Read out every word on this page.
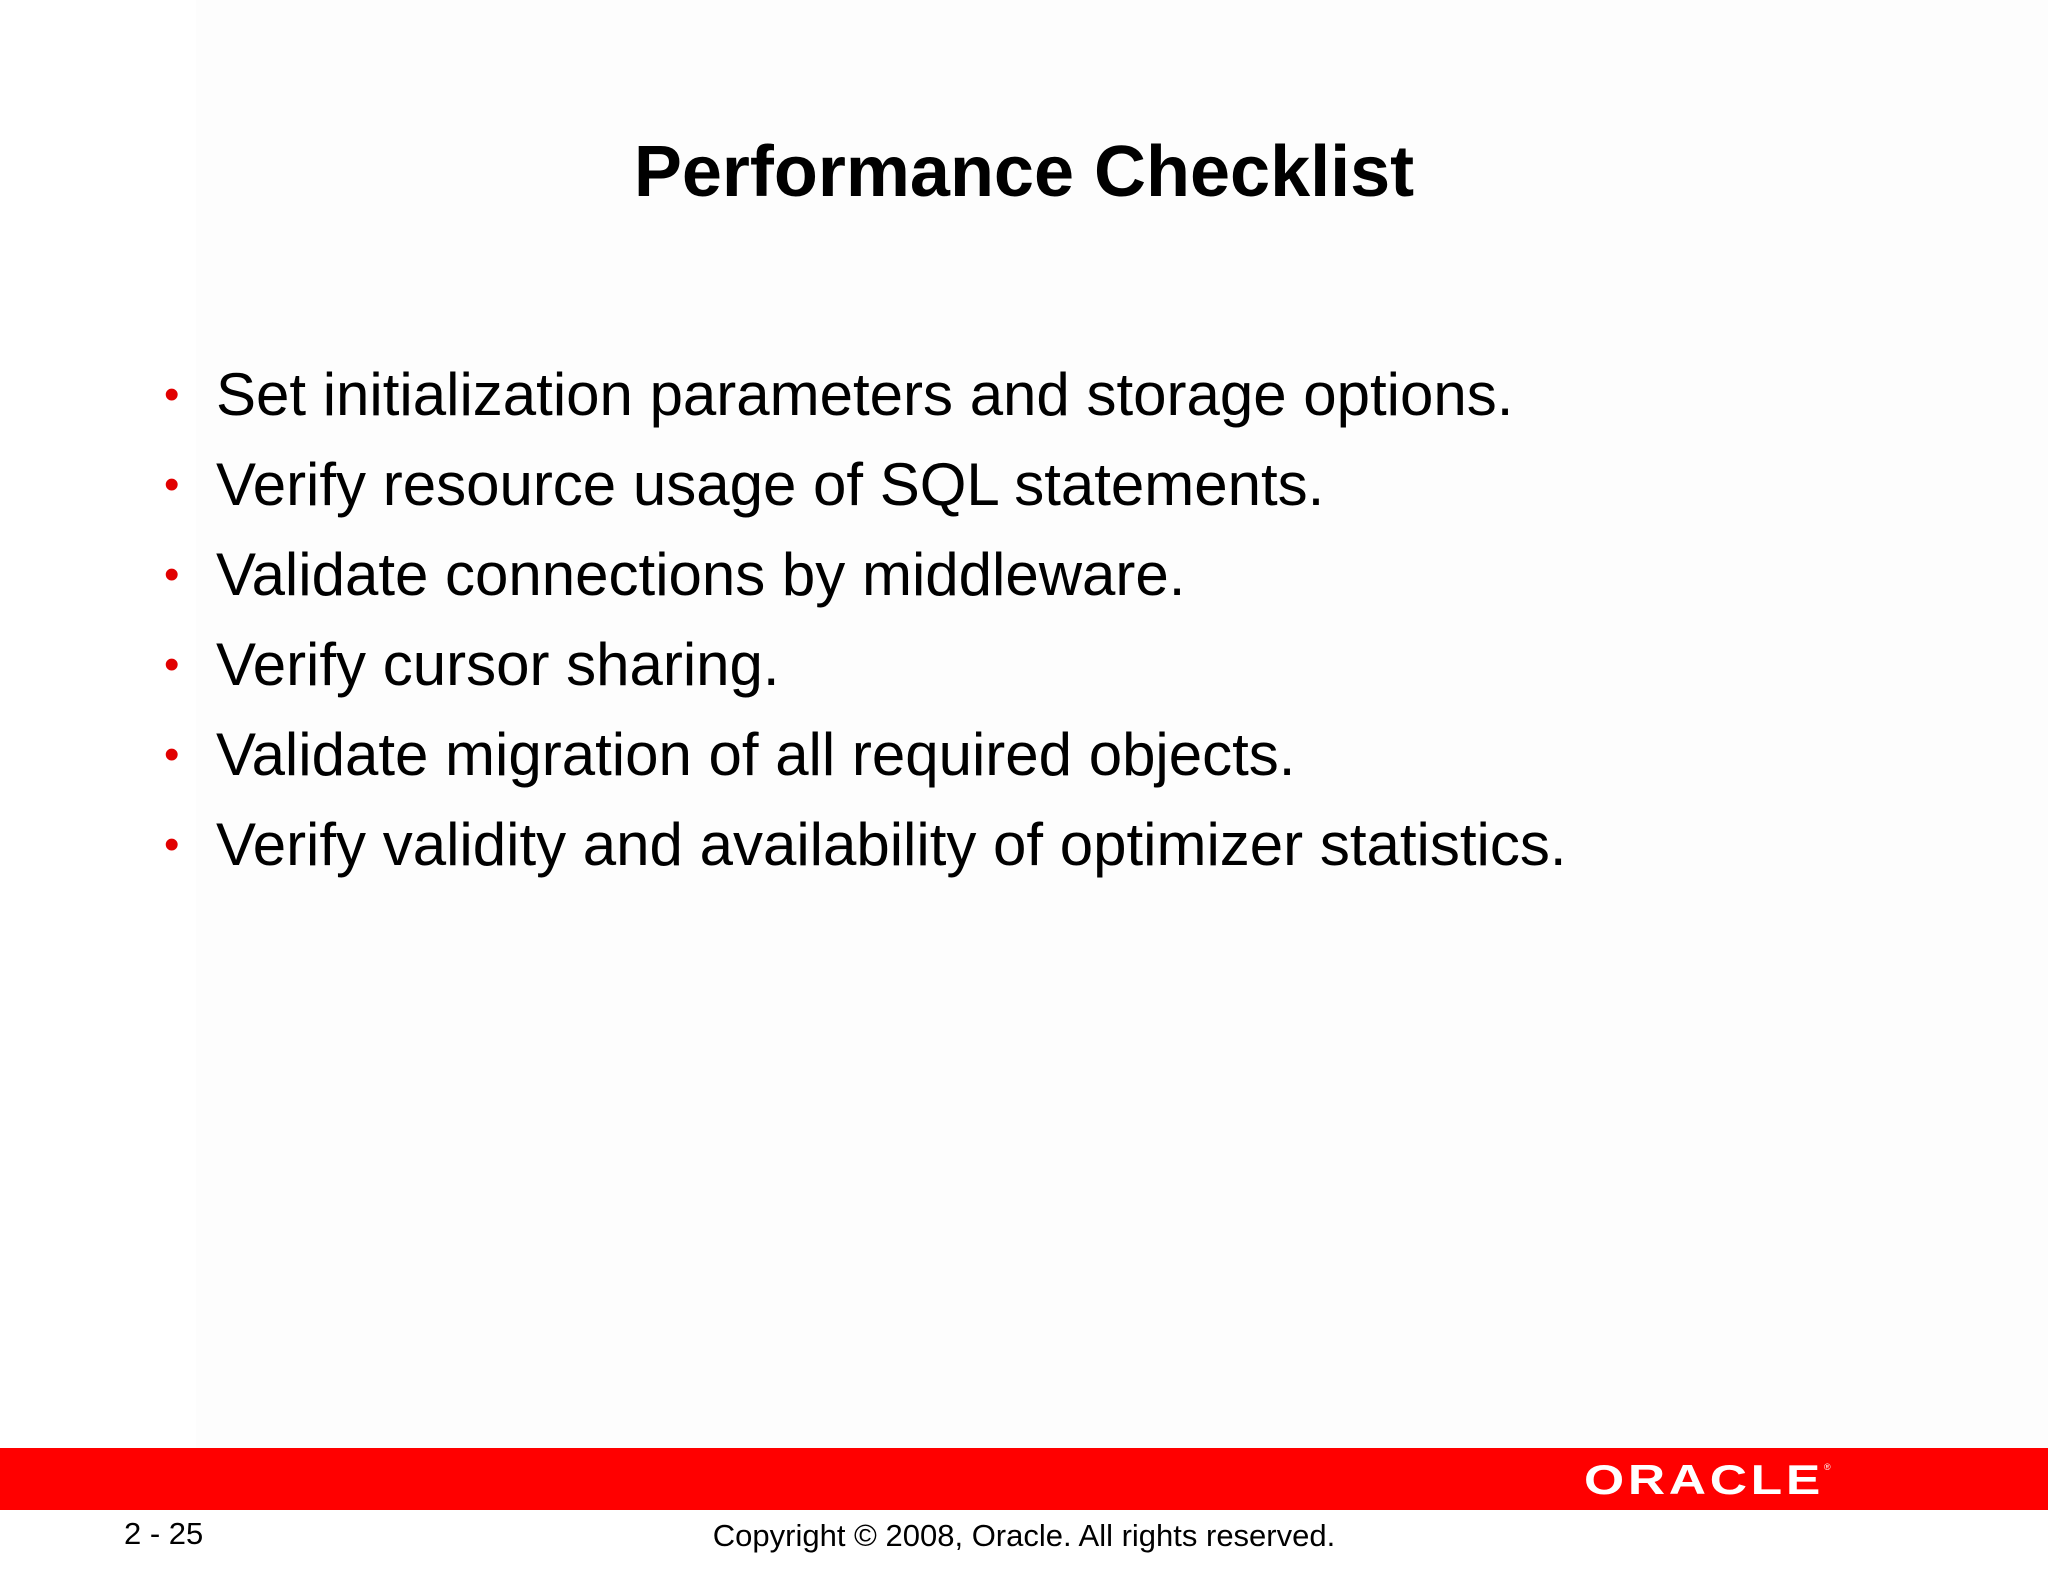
Performance Checklist
• Set initialization parameters and storage options.
• Verify resource usage of SQL statements.
• Validate connections by middleware.
• Verify cursor sharing.
• Validate migration of all required objects.
• Verify validity and availability of optimizer statistics.
ORACLE ®
2 - 25	Copyright © 2008, Oracle. All rights reserved.
